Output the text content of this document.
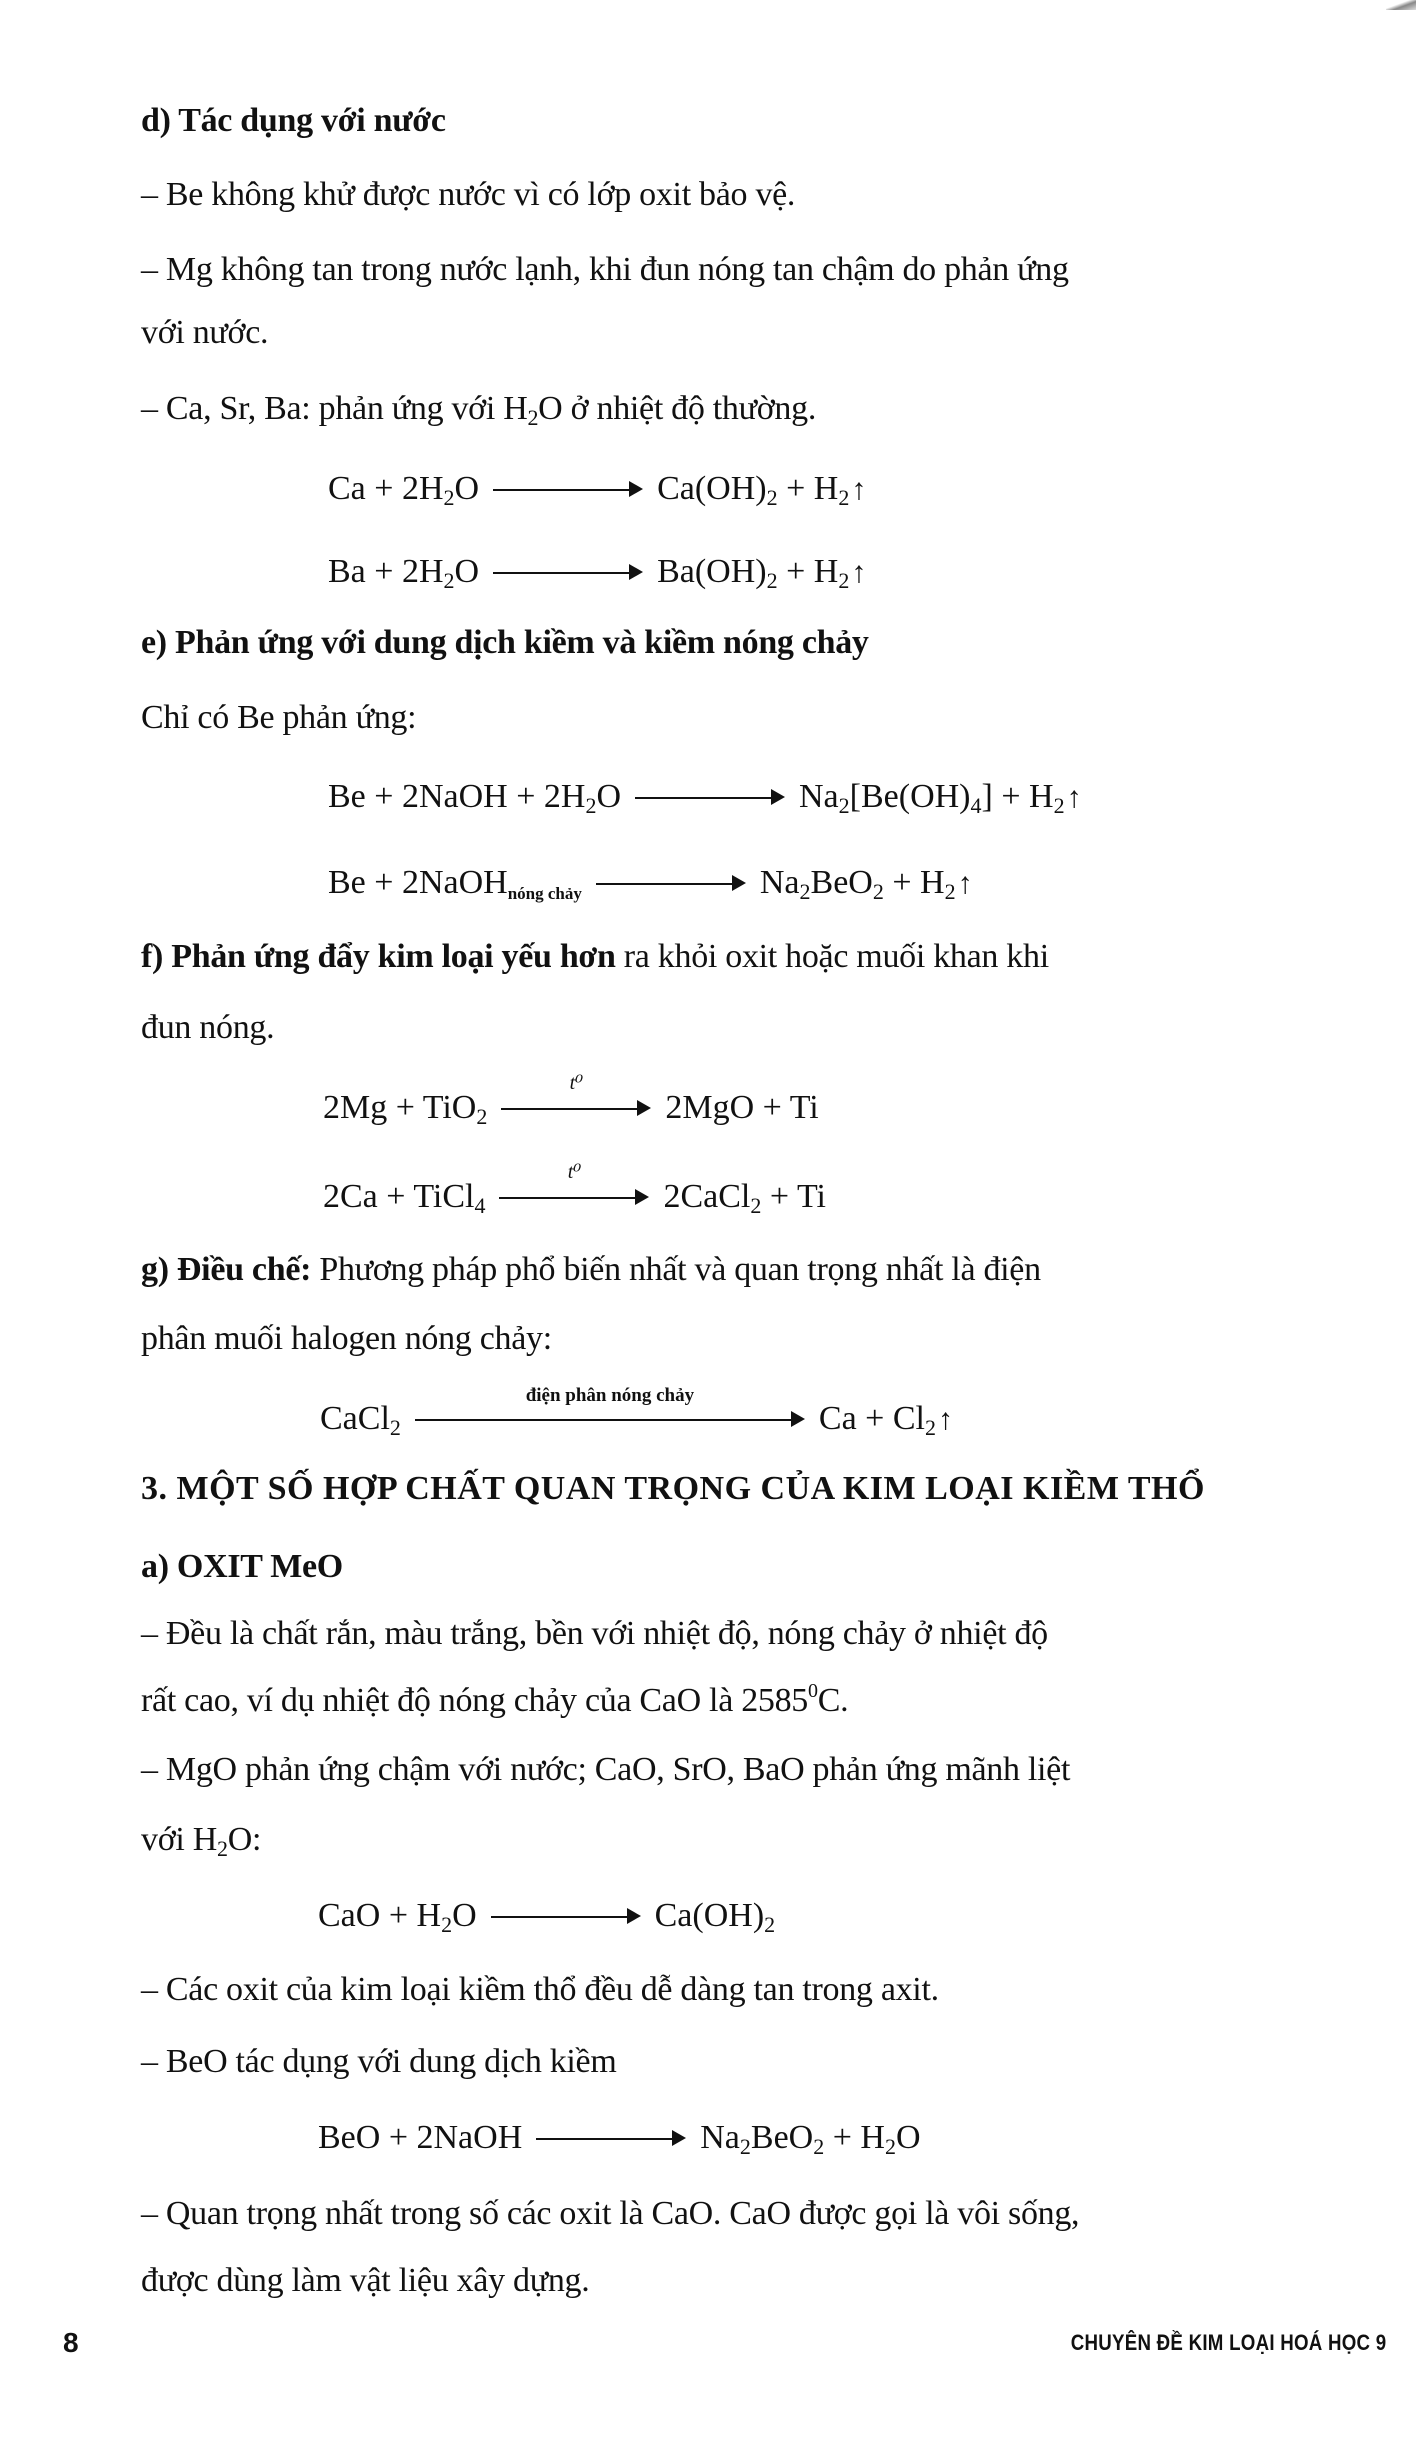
d) Tác dụng với nước
– Be không khử được nước vì có lớp oxit bảo vệ.
– Mg không tan trong nước lạnh, khi đun nóng tan chậm do phản ứng
với nước.
– Ca, Sr, Ba: phản ứng với $H_2O$ ở nhiệt độ thường.
$Ca + 2H_2O$	$Ca(OH)_2$ + $H_2↑$
$Ba + 2H_2O$	$Ba(OH)_2$ + $H_2↑$
e) Phản ứng với dung dịch kiềm và kiềm nóng chảy
Chỉ có Be phản ứng:
Be + 2NaOH + $2H_2O$	$Na_2[Be(OH)_4]$ + $H_2↑$
Be + 2NaOH$_{nóng chảy}$	$Na_2BeO_2$ + $H_2↑$
f) Phản ứng đẩy kim loại yếu hơn ra khỏi oxit hoặc muối khan khi
đun nóng.
2Mg + TiO$_2$
t⁰
2MgO + Ti
2Ca + TiCl$_4$
t⁰
2CaCl$_2$ + Ti
g) Điều chế: Phương pháp phổ biến nhất và quan trọng nhất là điện
phân muối halogen nóng chảy:
CaCl$_2$
điện phân nóng chảy
$Ca + Cl_2↑$
3. MỘT SỐ HỢP CHẤT QUAN TRỌNG CỦA KIM LOẠI KIỀM THỔ
a) OXIT MeO
– Đều là chất rắn, màu trắng, bền với nhiệt độ, nóng chảy ở nhiệt độ
rất cao, ví dụ nhiệt độ nóng chảy của CaO là 2585$^0$C.
– MgO phản ứng chậm với nước; CaO, SrO, BaO phản ứng mãnh liệt
với $H_2O$:
CaO + $H_2O$	$Ca(OH)_2$
– Các oxit của kim loại kiềm thổ đều dễ dàng tan trong axit.
– BeO tác dụng với dung dịch kiềm
BeO + 2NaOH	$Na_2BeO_2 + H_2O$
– Quan trọng nhất trong số các oxit là CaO. CaO được gọi là vôi sống,
được dùng làm vật liệu xây dựng.
8	CHUYÊN ĐỀ KIM LOẠI HOÁ HỌC 9
